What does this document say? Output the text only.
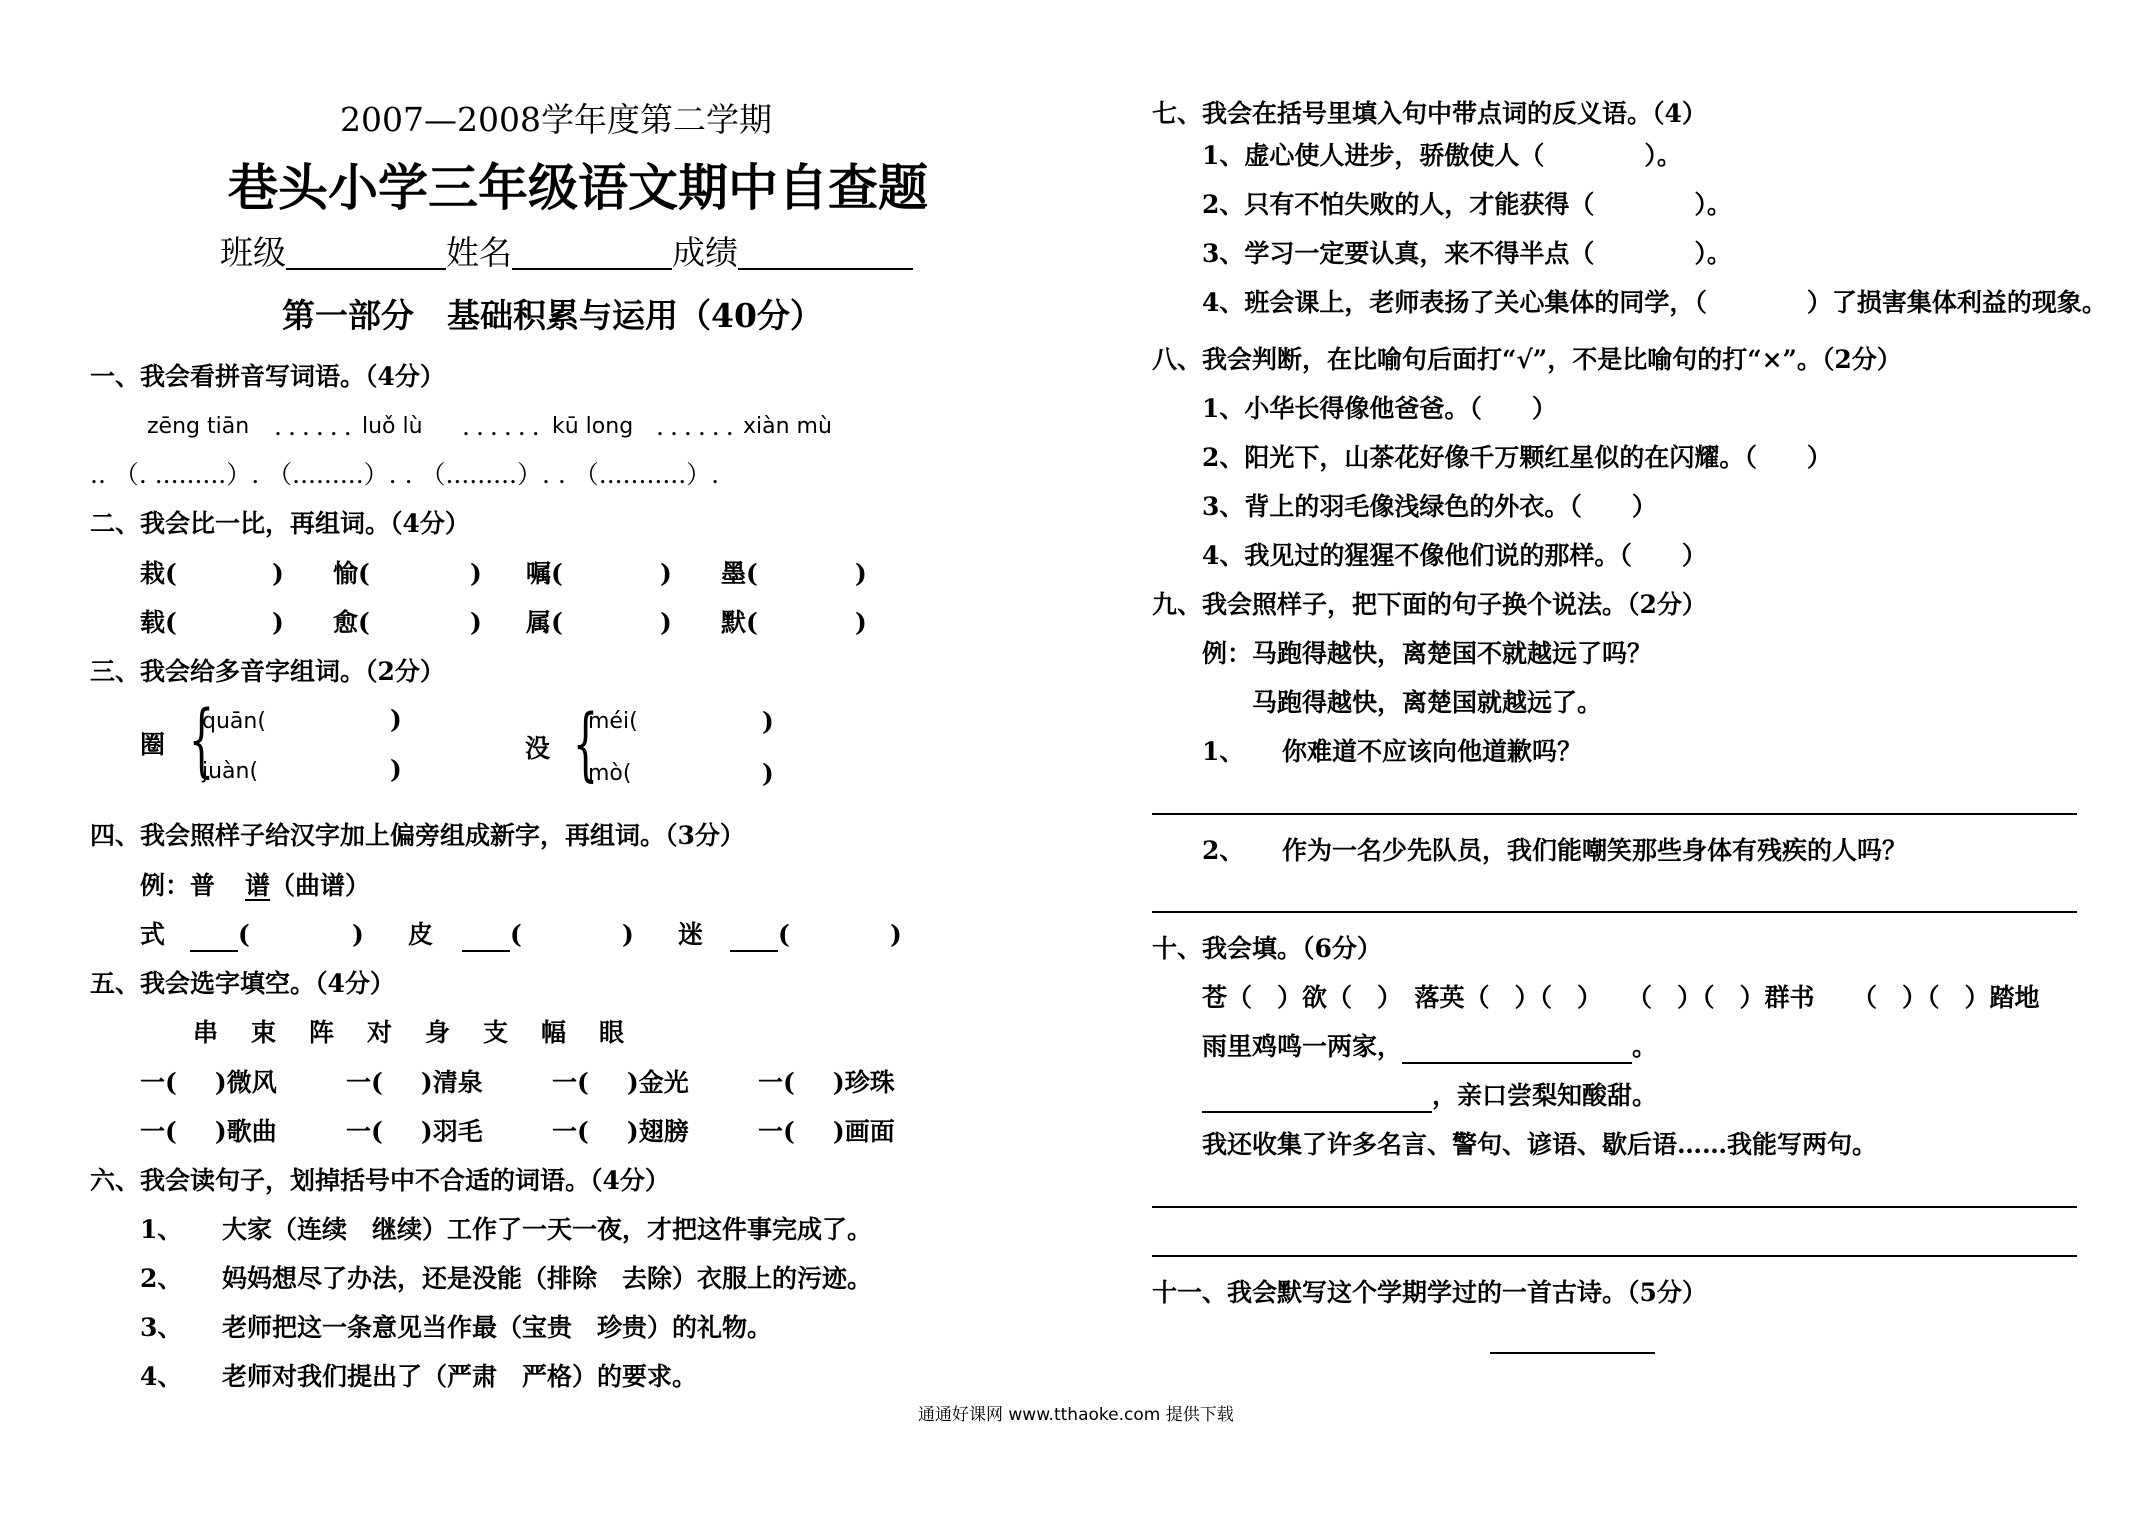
2007—2008学年度第二学期
巷头小学三年级语文期中自查题
班级	姓名	成绩
第一部分　基础积累与运用（40分）
一、我会看拼音写词语。（4分）
zēng tiān ...... luǒ lù ...... kū long ...... xiàn mù
.. （. .........）. （.........）. . （.........）. . （...........）.
二、我会比一比，再组词。（4分）
栽(	) 愉(	) 嘱(	) 墨(	)
载(	) 愈(	) 属(	) 默(	)
三、我会给多音字组词。（2分）
圈 {
quān(	)
juàn(	)
没 {
méi(	)
mò(	)
四、我会照样子给汉字加上偏旁组成新字，再组词。（3分）
例：普 谱（曲谱）
式	(	) 皮	(	) 迷	(	)
五、我会选字填空。（4分）
串　束　阵　对　身　支　幅　眼
一( )微风	一( )清泉	一( )金光	一( )珍珠
一( )歌曲	一( )羽毛	一( )翅膀	一( )画面
六、我会读句子，划掉括号中不合适的词语。（4分）
1、 大家（连续　继续）工作了一天一夜，才把这件事完成了。
2、 妈妈想尽了办法，还是没能（排除　去除）衣服上的污迹。
3、 老师把这一条意见当作最（宝贵　珍贵）的礼物。
4、 老师对我们提出了（严肃　严格）的要求。
七、我会在括号里填入句中带点词的反义语。（4）
1、虚心使人进步，骄傲使人（　　　　）。
2、只有不怕失败的人，才能获得（　　　　）。
3、学习一定要认真，来不得半点（　　　　）。
4、班会课上，老师表扬了关心集体的同学，（　　　　）了损害集体利益的现象。
八、我会判断，在比喻句后面打“√”，不是比喻句的打“×”。（2分）
1、小华长得像他爸爸。（　　）
2、阳光下，山茶花好像千万颗红星似的在闪耀。（　　）
3、背上的羽毛像浅绿色的外衣。（　　）
4、我见过的猩猩不像他们说的那样。（　　）
九、我会照样子，把下面的句子换个说法。（2分）
例：马跑得越快，离楚国不就越远了吗？
马跑得越快，离楚国就越远了。
1、 你难道不应该向他道歉吗？
2、 作为一名少先队员，我们能嘲笑那些身体有残疾的人吗？
十、我会填。（6分）
苍（　）欲（　）　落英（　）（　）　　（　）（　）群书　　（　）（　）踏地
雨里鸡鸣一两家，	。
，亲口尝梨知酸甜。
我还收集了许多名言、警句、谚语、歇后语……我能写两句。
十一、我会默写这个学期学过的一首古诗。（5分）
通通好课网 www.tthaoke.com 提供下载
